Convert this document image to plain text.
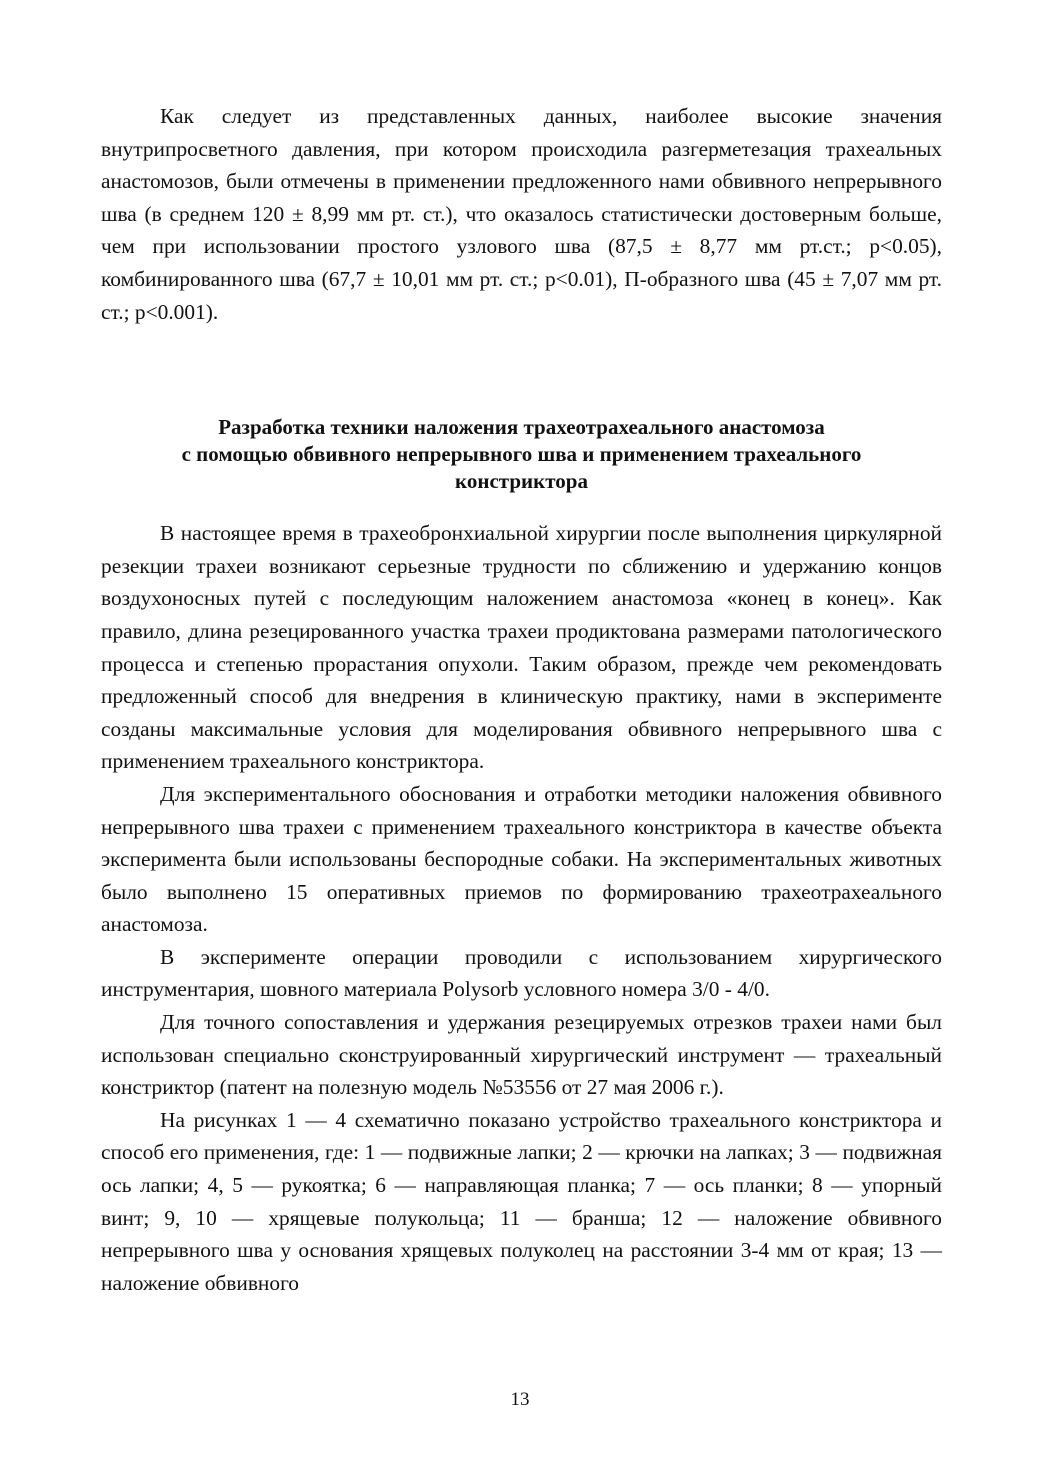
Как следует из представленных данных, наиболее высокие значения внутрипросветного давления, при котором происходила разгерметезация трахеальных анастомозов, были отмечены в применении предложенного нами обвивного непрерывного шва (в среднем 120 ± 8,99 мм рт. ст.), что оказалось статистически достоверным больше, чем при использовании простого узлового шва (87,5 ± 8,77 мм рт.ст.; р<0.05), комбинированного шва (67,7 ± 10,01 мм рт. ст.; р<0.01), П-образного шва (45 ± 7,07 мм рт. ст.; р<0.001).

Разработка техники наложения трахеотрахеального анастомоза
с помощью обвивного непрерывного шва и применением трахеального
констриктора

В настоящее время в трахеобронхиальной хирургии после выполнения циркулярной резекции трахеи возникают серьезные трудности по сближению и удержанию концов воздухоносных путей с последующим наложением анастомоза «конец в конец». Как правило, длина резецированного участка трахеи продиктована размерами патологического процесса и степенью прорастания опухоли. Таким образом, прежде чем рекомендовать предложенный способ для внедрения в клиническую практику, нами в эксперименте созданы максимальные условия для моделирования обвивного непрерывного шва с применением трахеального констриктора.

Для экспериментального обоснования и отработки методики наложения обвивного непрерывного шва трахеи с применением трахеального констриктора в качестве объекта эксперимента были использованы беспородные собаки. На экспериментальных животных было выполнено 15 оперативных приемов по формированию трахеотрахеального анастомоза.

В эксперименте операции проводили с использованием хирургического инструментария, шовного материала Polysorb условного номера 3/0 - 4/0.

Для точного сопоставления и удержания резецируемых отрезков трахеи нами был использован специально сконструированный хирургический инструмент — трахеальный констриктор (патент на полезную модель №53556 от 27 мая 2006 г.).

На рисунках 1 — 4 схематично показано устройство трахеального констриктора и способ его применения, где: 1 — подвижные лапки; 2 — крючки на лапках; 3 — подвижная ось лапки; 4, 5 — рукоятка; 6 — направляющая планка; 7 — ось планки; 8 — упорный винт; 9, 10 — хрящевые полукольца; 11 — бранша; 12 — наложение обвивного непрерывного шва у основания хрящевых полуколец на расстоянии 3-4 мм от края; 13 — наложение обвивного

13
